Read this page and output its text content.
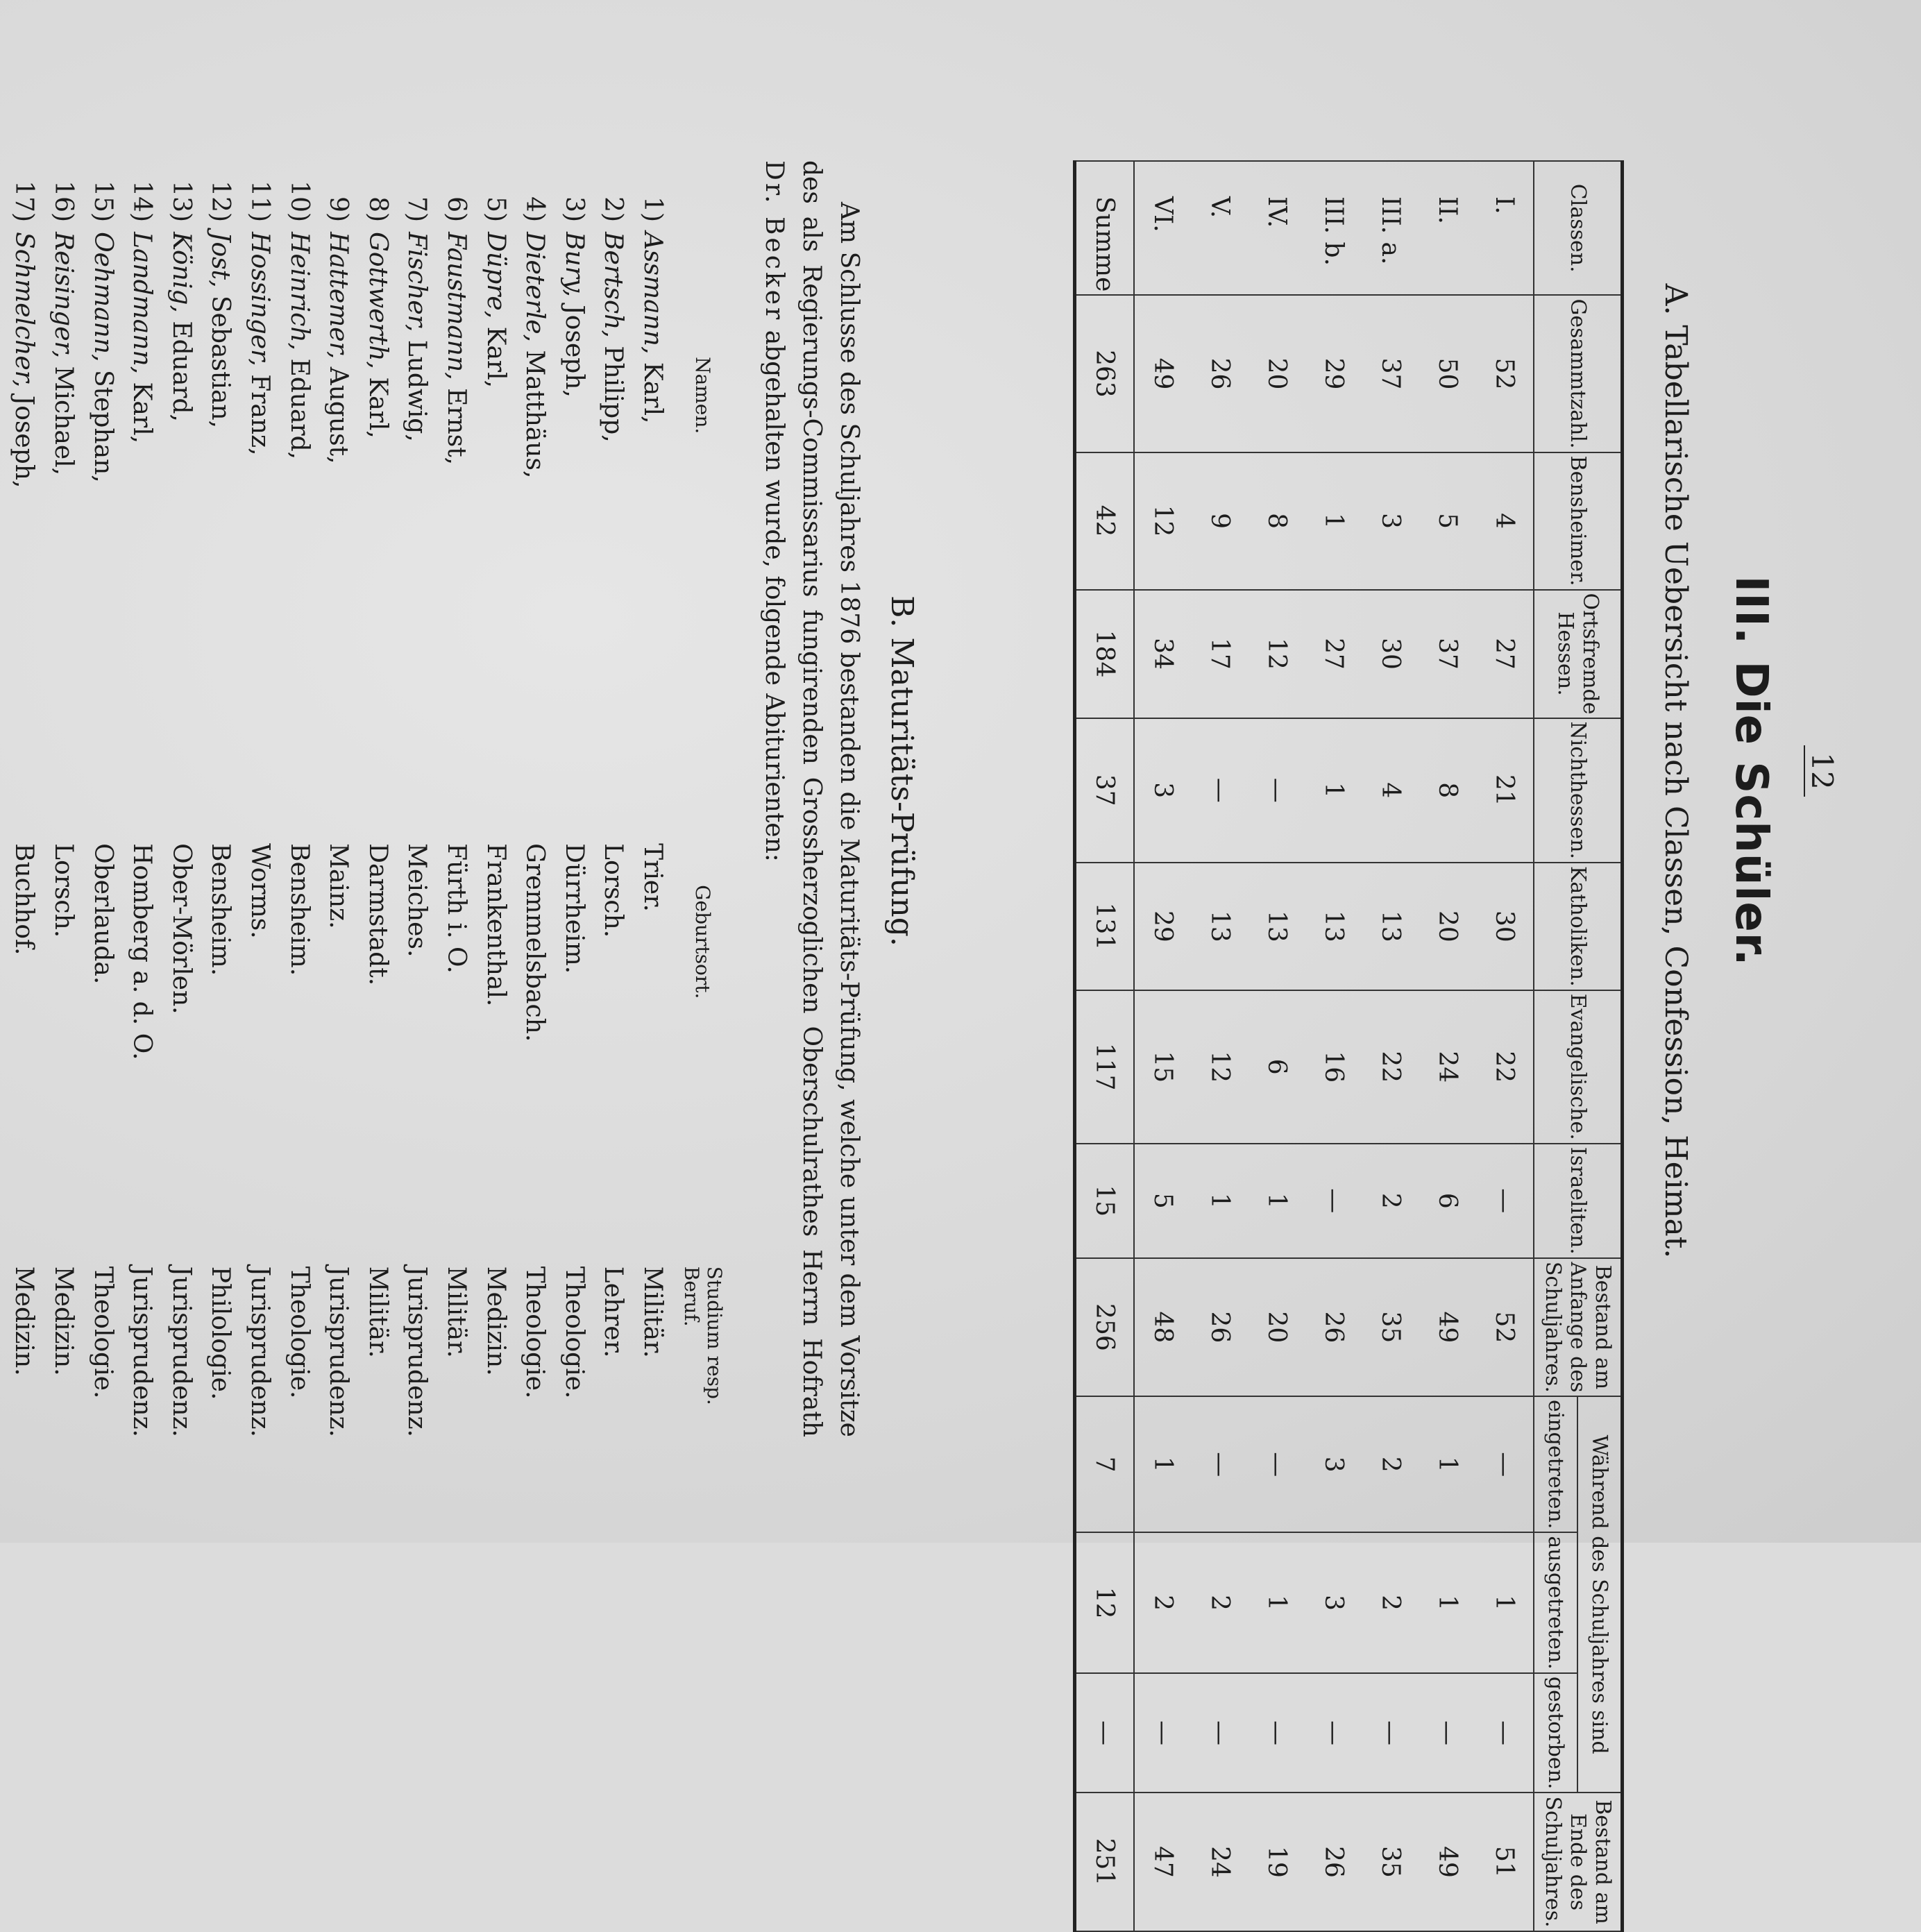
12
III. Die Schüler.
A. Tabellarische Uebersicht nach Classen, Confession, Heimat.
Classen.	Gesammtzahl.	Bensheimer.	Ortsfremde Hessen.	Nichthessen.	Katholiken.	Evangelische.	Israeliten.	Bestand am Anfange des Schuljahres.	Während des Schuljahres sind			Bestand am Ende des Schuljahres.
									eingetreten.	ausgetreten.	gestorben.	
I.	52	4	27	21	30	22	—	52	—	1	—	51
II.	50	5	37	8	20	24	6	49	1	1	—	49
III. a.	37	3	30	4	13	22	2	35	2	2	—	35
III. b.	29	1	27	1	13	16	—	26	3	3	—	26
IV.	20	8	12	—	13	6	1	20	—	1	—	19
V.	26	9	17	—	13	12	1	26	—	2	—	24
VI.	49	12	34	3	29	15	5	48	1	2	—	47
Summe	263	42	184	37	131	117	15	256	7	12	—	251
B. Maturitäts-Prüfung.
Am Schlusse des Schuljahres 1876 bestanden die Maturitäts-Prüfung, welche unter dem Vorsitze des als Regierungs-Commissarius fungirenden Grossherzoglichen Oberschulrathes Herrn Hofrath Dr. Becker abgehalten wurde, folgende Abiturienten:
	Namen.	Geburtsort.	Studium resp. Beruf.
1)	Assmann, Karl,	Trier.	Militär.
2)	Bertsch, Philipp,	Lorsch.	Lehrer.
3)	Bury, Joseph,	Dürrheim.	Theologie.
4)	Dieterle, Matthäus,	Gremmelsbach.	Theologie.
5)	Düpre, Karl,	Frankenthal.	Medizin.
6)	Faustmann, Ernst,	Fürth i. O.	Militär.
7)	Fischer, Ludwig,	Meiches.	Jurisprudenz.
8)	Gottwerth, Karl,	Darmstadt.	Militär.
9)	Hattemer, August,	Mainz.	Jurisprudenz.
10)	Heinrich, Eduard,	Bensheim.	Theologie.
11)	Hossinger, Franz,	Worms.	Jurisprudenz.
12)	Jost, Sebastian,	Bensheim.	Philologie.
13)	König, Eduard,	Ober-Mörlen.	Jurisprudenz.
14)	Landmann, Karl,	Homberg a. d. O.	Jurisprudenz.
15)	Oehmann, Stephan,	Oberlauda.	Theologie.
16)	Reisinger, Michael,	Lorsch.	Medizin.
17)	Schmelcher, Joseph,	Buchhof.	Medizin.
